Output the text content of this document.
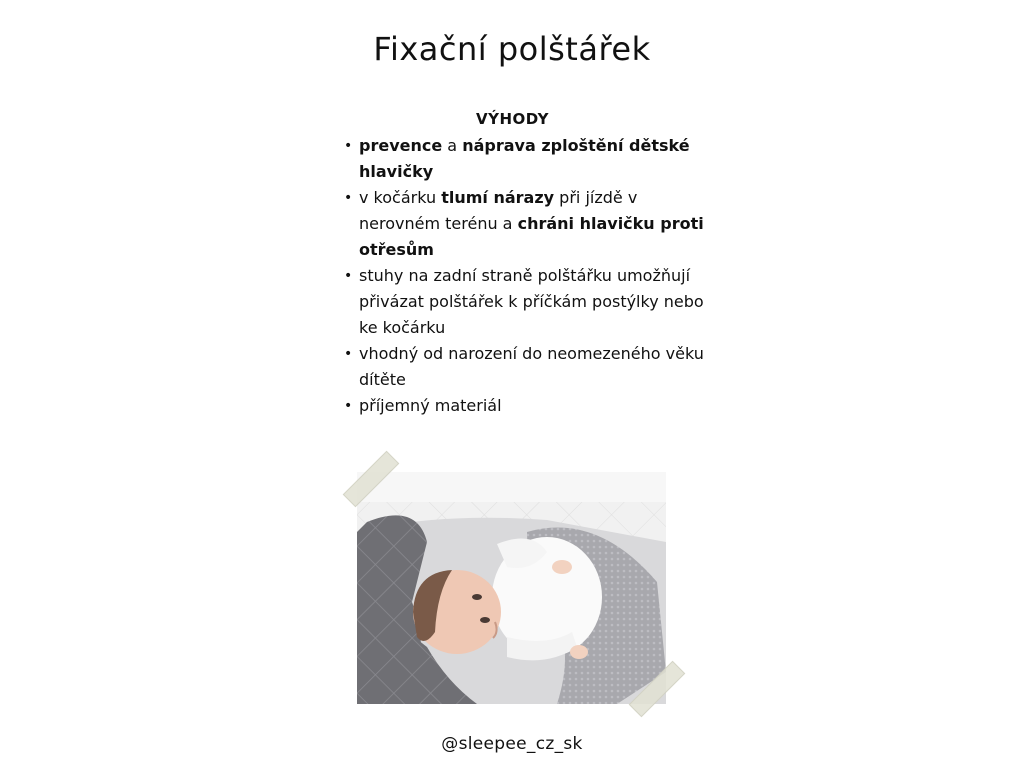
Fixační polštářek
VÝHODY
• prevence a náprava zploštění dětské hlavičky
• v kočárku tlumí nárazy při jízdě v nerovném terénu a chráni hlavičku proti otřesům
• stuhy na zadní straně polštářku umožňují přivázat polštářek k příčkám postýlky nebo ke kočárku
• vhodný od narození do neomezeného věku dítěte
• příjemný materiál
@sleepee_cz_sk
